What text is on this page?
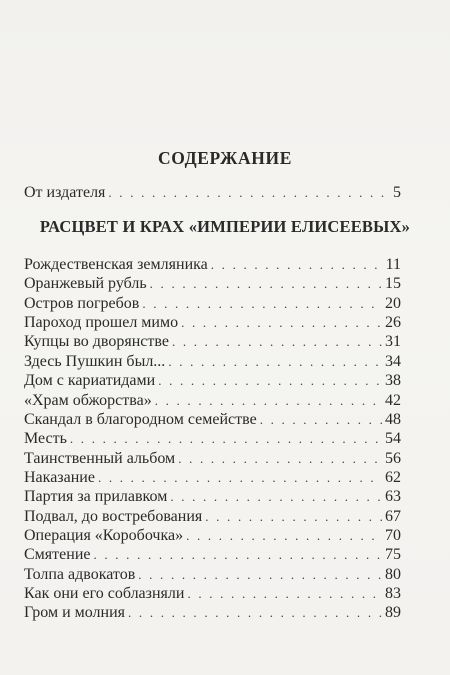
СОДЕРЖАНИЕ
От издателя . . .	5
РАСЦВЕТ И КРАХ «ИМПЕРИИ ЕЛИСЕЕВЫХ»
Рождественская земляника . . .	11
Оранжевый рубль . . .	15
Остров погребов . . .	20
Пароход прошел мимо . . .	26
Купцы во дворянстве . . .	31
Здесь Пушкин был... . . .	34
Дом с кариатидами . . .	38
«Храм обжорства» . . .	42
Скандал в благородном семействе . . .	48
Месть . . .	54
Таинственный альбом . . .	56
Наказание . . .	62
Партия за прилавком . . .	63
Подвал, до востребования . . .	67
Операция «Коробочка» . . .	70
Смятение . . .	75
Толпа адвокатов . . .	80
Как они его соблазняли . . .	83
Гром и молния . . .	89
